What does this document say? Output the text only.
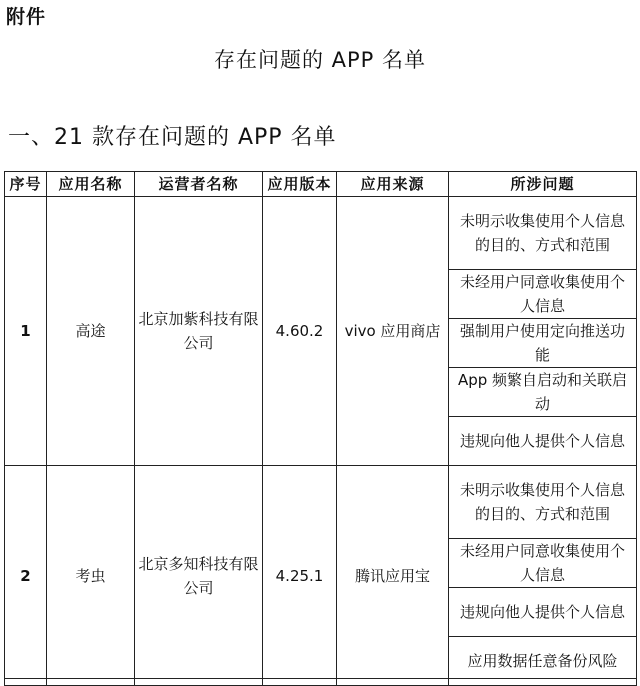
附件
存在问题的 APP 名单
一、21 款存在问题的 APP 名单
序号	应用名称	运营者名称	应用版本	应用来源	所涉问题
1	高途	北京加紫科技有限公司	4.60.2	vivo 应用商店	未明示收集使用个人信息的目的、方式和范围
					未经用户同意收集使用个人信息
					强制用户使用定向推送功能
					App 频繁自启动和关联启动
					违规向他人提供个人信息
2	考虫	北京多知科技有限公司	4.25.1	腾讯应用宝	未明示收集使用个人信息的目的、方式和范围
					未经用户同意收集使用个人信息
					违规向他人提供个人信息
					应用数据任意备份风险
